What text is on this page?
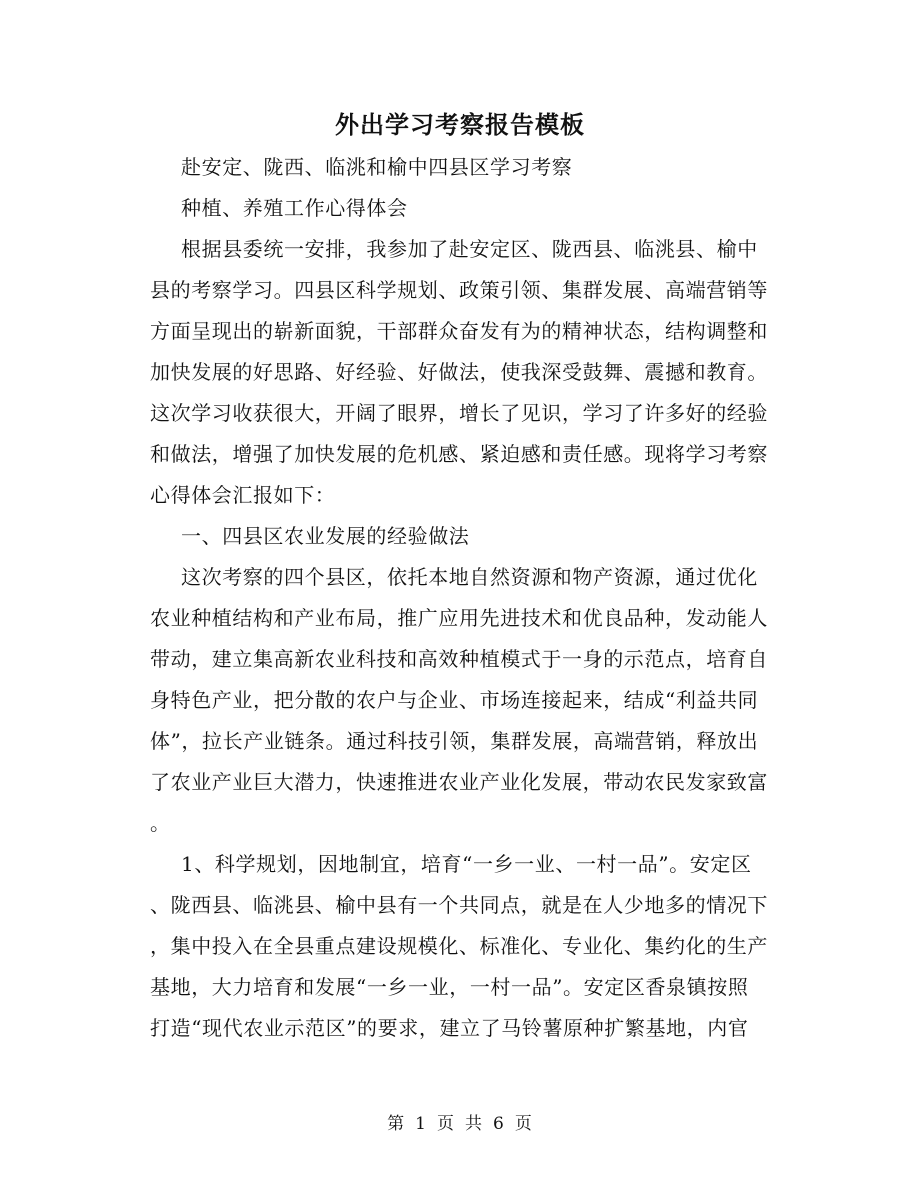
外出学习考察报告模板
赴安定、陇西、临洮和榆中四县区学习考察
种植、养殖工作心得体会
根据县委统一安排，我参加了赴安定区、陇西县、临洮县、榆中
县的考察学习。四县区科学规划、政策引领、集群发展、高端营销等
方面呈现出的崭新面貌，干部群众奋发有为的精神状态，结构调整和
加快发展的好思路、好经验、好做法，使我深受鼓舞、震撼和教育。
这次学习收获很大，开阔了眼界，增长了见识，学习了许多好的经验
和做法，增强了加快发展的危机感、紧迫感和责任感。现将学习考察
心得体会汇报如下：
一、四县区农业发展的经验做法
这次考察的四个县区，依托本地自然资源和物产资源，通过优化
农业种植结构和产业布局，推广应用先进技术和优良品种，发动能人
带动，建立集高新农业科技和高效种植模式于一身的示范点，培育自
身特色产业，把分散的农户与企业、市场连接起来，结成“利益共同
体”，拉长产业链条。通过科技引领，集群发展，高端营销，释放出
了农业产业巨大潜力，快速推进农业产业化发展，带动农民发家致富
。
1、科学规划，因地制宜，培育“一乡一业、一村一品”。安定区
、陇西县、临洮县、榆中县有一个共同点，就是在人少地多的情况下
，集中投入在全县重点建设规模化、标准化、专业化、集约化的生产
基地，大力培育和发展“一乡一业，一村一品”。安定区香泉镇按照
打造“现代农业示范区”的要求，建立了马铃薯原种扩繁基地，内官
第 1 页 共 6 页
